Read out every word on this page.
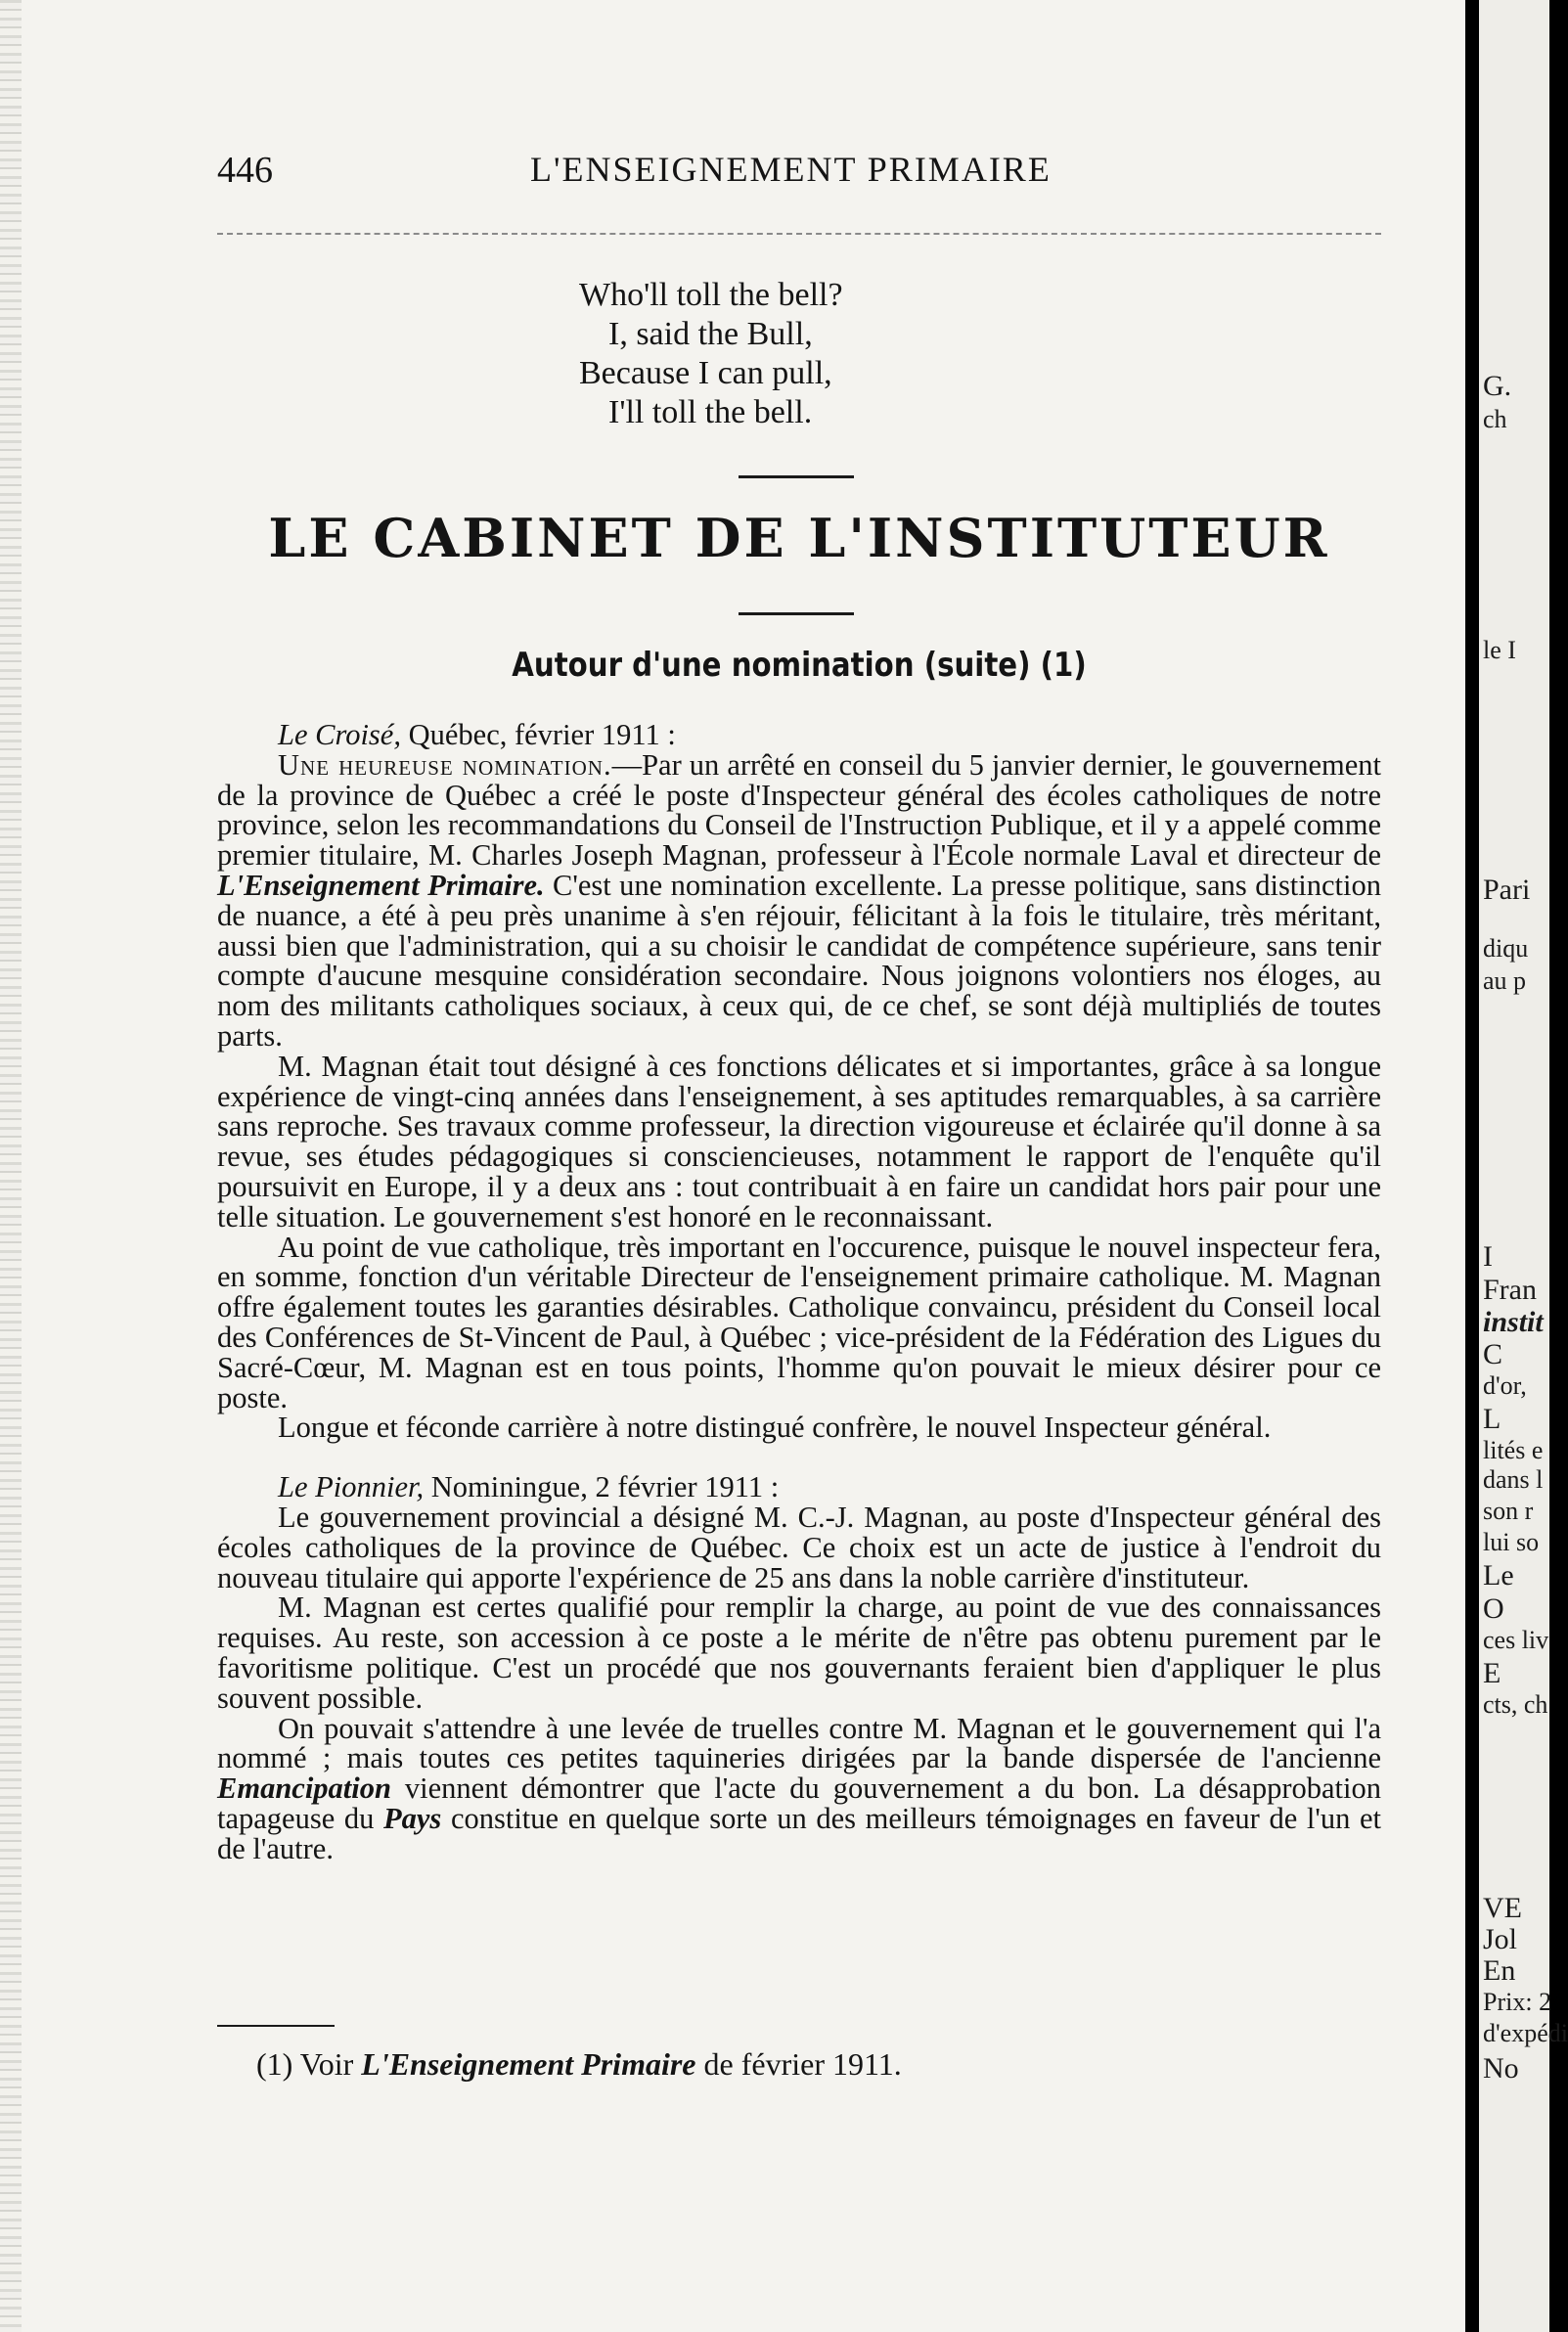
446	L'ENSEIGNEMENT PRIMAIRE
Who'll toll the bell?
I, said the Bull,
Because I can pull,
I'll toll the bell.
LE CABINET DE L'INSTITUTEUR
Autour d'une nomination (suite) (1)

Le Croisé, Québec, février 1911 :

Une heureuse nomination.—Par un arrêté en conseil du 5 janvier dernier, le gouvernement de la province de Québec a créé le poste d'Inspecteur général des écoles catholiques de notre province, selon les recommandations du Conseil de l'Instruction Publique, et il y a appelé comme premier titulaire, M. Charles Joseph Magnan, professeur à l'École normale Laval et directeur de L'Enseignement Primaire. C'est une nomination excellente. La presse politique, sans distinction de nuance, a été à peu près unanime à s'en réjouir, félicitant à la fois le titulaire, très méritant, aussi bien que l'administration, qui a su choisir le candidat de compétence supérieure, sans tenir compte d'aucune mesquine considération secondaire. Nous joignons volontiers nos éloges, au nom des militants catholiques sociaux, à ceux qui, de ce chef, se sont déjà multipliés de toutes parts.

M. Magnan était tout désigné à ces fonctions délicates et si importantes, grâce à sa longue expérience de vingt-cinq années dans l'enseignement, à ses aptitudes remarquables, à sa carrière sans reproche. Ses travaux comme professeur, la direction vigoureuse et éclairée qu'il donne à sa revue, ses études pédagogiques si consciencieuses, notamment le rapport de l'enquête qu'il poursuivit en Europe, il y a deux ans : tout contribuait à en faire un candidat hors pair pour une telle situation. Le gouvernement s'est honoré en le reconnaissant.

Au point de vue catholique, très important en l'occurence, puisque le nouvel inspecteur fera, en somme, fonction d'un véritable Directeur de l'enseignement primaire catholique. M. Magnan offre également toutes les garanties désirables. Catholique convaincu, président du Conseil local des Conférences de St-Vincent de Paul, à Québec ; vice-président de la Fédération des Ligues du Sacré-Cœur, M. Magnan est en tous points, l'homme qu'on pouvait le mieux désirer pour ce poste.

Longue et féconde carrière à notre distingué confrère, le nouvel Inspecteur général.

Le Pionnier, Nominingue, 2 février 1911 :

Le gouvernement provincial a désigné M. C.-J. Magnan, au poste d'Inspecteur général des écoles catholiques de la province de Québec. Ce choix est un acte de justice à l'endroit du nouveau titulaire qui apporte l'expérience de 25 ans dans la noble carrière d'instituteur.

M. Magnan est certes qualifié pour remplir la charge, au point de vue des connaissances requises. Au reste, son accession à ce poste a le mérite de n'être pas obtenu purement par le favoritisme politique. C'est un procédé que nos gouvernants feraient bien d'appliquer le plus souvent possible.

On pouvait s'attendre à une levée de truelles contre M. Magnan et le gouvernement qui l'a nommé ; mais toutes ces petites taquineries dirigées par la bande dispersée de l'ancienne Emancipation viennent démontrer que l'acte du gouvernement a du bon. La désapprobation tapageuse du Pays constitue en quelque sorte un des meilleurs témoignages en faveur de l'un et de l'autre.

(1) Voir L'Enseignement Primaire de février 1911.
G.
ch
le I
Pari
diqu
au p
I
Fran
instit
C
d'or,
L
lités e
dans l
son r
lui so
Le
O
ces liv
E
cts, ch
VE
Jol
En
Prix: 2
d'expédi
No
